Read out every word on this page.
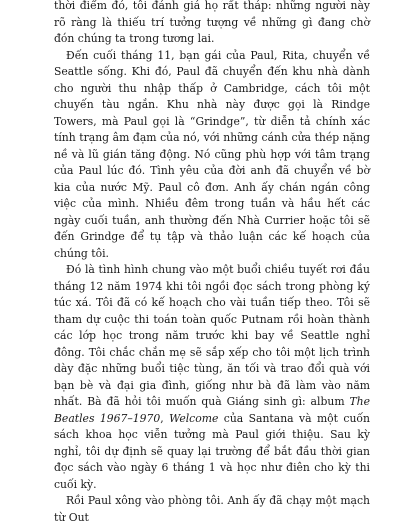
thời điểm đó, tôi đánh giá họ rất tháp: những người này rõ ràng là thiếu trí tưởng tượng về những gì đang chờ đón chúng ta trong tương lai.

Đến cuối tháng 11, bạn gái của Paul, Rita, chuyển về Seattle sống. Khi đó, Paul đã chuyển đến khu nhà dành cho người thu nhập thấp ở Cambridge, cách tôi một chuyến tàu ngắn. Khu nhà này được gọi là Rindge Towers, mà Paul gọi là “Grindge”, từ diễn tả chính xác tính trạng âm đạm của nó, với những cánh cửa thép nặng nề và lũ gián tăng động. Nó cũng phù hợp với tâm trạng của Paul lúc đó. Tình yêu của đời anh đã chuyển về bờ kia của nước Mỹ. Paul cô đơn. Anh ấy chán ngán công việc của mình. Nhiều đêm trong tuần và hầu hết các ngày cuối tuần, anh thường đến Nhà Currier hoặc tôi sẽ đến Grindge để tụ tập và thảo luận các kế hoạch của chúng tôi.

Đó là tình hình chung vào một buổi chiều tuyết rơi đầu tháng 12 năm 1974 khi tôi ngồi đọc sách trong phòng ký túc xá. Tôi đã có kế hoạch cho vài tuần tiếp theo. Tôi sẽ tham dự cuộc thi toán toàn quốc Putnam rồi hoàn thành các lớp học trong năm trước khi bay về Seattle nghỉ đông. Tôi chắc chắn mẹ sẽ sắp xếp cho tôi một lịch trình dày đặc những buổi tiệc tùng, ăn tối và trao đổi quà với bạn bè và đại gia đình, giống như bà đã làm vào năm nhất. Bà đã hỏi tôi muốn quà Giáng sinh gì: album The Beatles 1967–1970, Welcome của Santana và một cuốn sách khoa học viễn tưởng mà Paul giới thiệu. Sau kỳ nghỉ, tôi dự định sẽ quay lại trường để bắt đầu thời gian đọc sách vào ngày 6 tháng 1 và học như điên cho kỳ thi cuối kỳ.

Rồi Paul xông vào phòng tôi. Anh ấy đã chạy một mạch từ Out
